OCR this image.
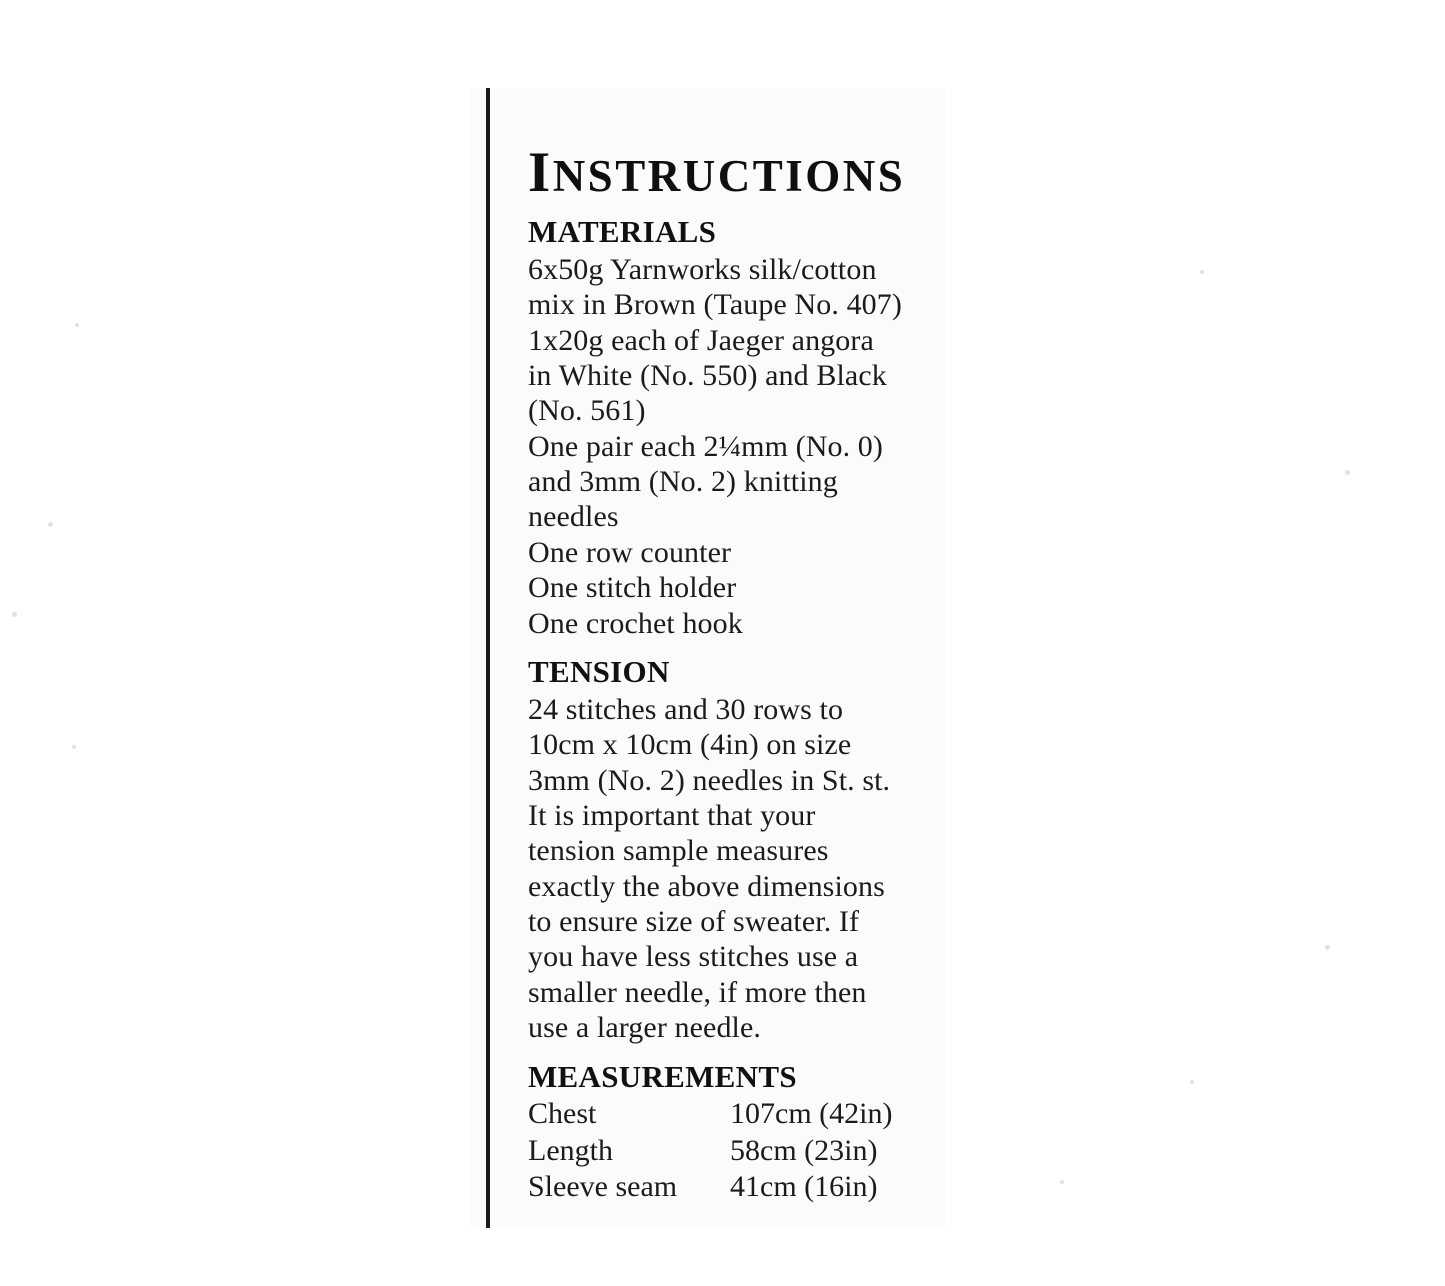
INSTRUCTIONS
MATERIALS

6x50g Yarnworks silk/cotton

mix in Brown (Taupe No. 407)

1x20g each of Jaeger angora

in White (No. 550) and Black

(No. 561)

One pair each 2¼mm (No. 0)

and 3mm (No. 2) knitting

needles

One row counter

One stitch holder

One crochet hook

TENSION

24 stitches and 30 rows to

10cm x 10cm (4in) on size

3mm (No. 2) needles in St. st.

It is important that your

tension sample measures

exactly the above dimensions

to ensure size of sweater. If

you have less stitches use a

smaller needle, if more then

use a larger needle.

MEASUREMENTS
Chest	107cm (42in)
Length	58cm (23in)
Sleeve seam	41cm (16in)
